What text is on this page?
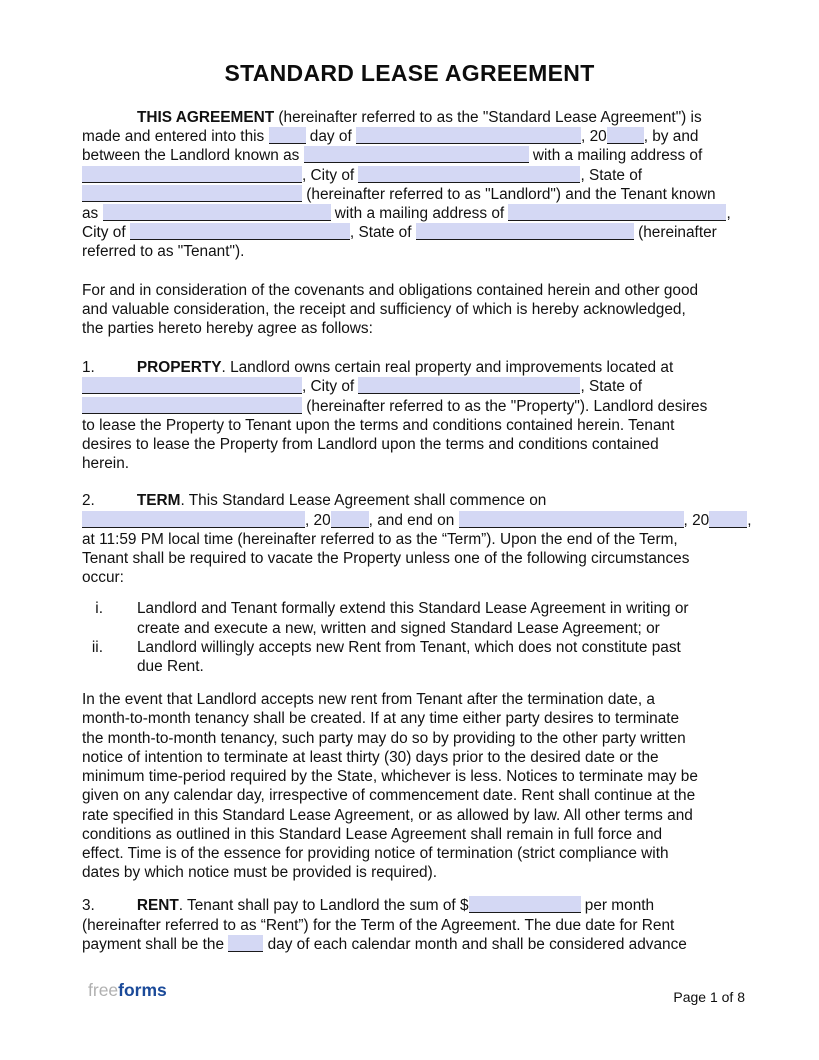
STANDARD LEASE AGREEMENT
THIS AGREEMENT (hereinafter referred to as the "Standard Lease Agreement") is
made and entered into this  day of	, 20 , by and
between the Landlord known as	with a mailing address of
, City of	, State of
(hereinafter referred to as "Landlord") and the Tenant known
as	with a mailing address of	,
City of	, State of	(hereinafter
referred to as "Tenant").
For and in consideration of the covenants and obligations contained herein and other good
and valuable consideration, the receipt and sufficiency of which is hereby acknowledged,
the parties hereto hereby agree as follows:
1.	PROPERTY. Landlord owns certain real property and improvements located at
, City of	, State of
(hereinafter referred to as the "Property"). Landlord desires
to lease the Property to Tenant upon the terms and conditions contained herein. Tenant
desires to lease the Property from Landlord upon the terms and conditions contained
herein.
2.	TERM. This Standard Lease Agreement shall commence on
, 20 , and end on	, 20 ,
at 11:59 PM local time (hereinafter referred to as the “Term”). Upon the end of the Term,
Tenant shall be required to vacate the Property unless one of the following circumstances
occur:
i. Landlord and Tenant formally extend this Standard Lease Agreement in writing or
create and execute a new, written and signed Standard Lease Agreement; or
ii. Landlord willingly accepts new Rent from Tenant, which does not constitute past
due Rent.
In the event that Landlord accepts new rent from Tenant after the termination date, a
month-to-month tenancy shall be created. If at any time either party desires to terminate
the month-to-month tenancy, such party may do so by providing to the other party written
notice of intention to terminate at least thirty (30) days prior to the desired date or the
minimum time-period required by the State, whichever is less. Notices to terminate may be
given on any calendar day, irrespective of commencement date. Rent shall continue at the
rate specified in this Standard Lease Agreement, or as allowed by law. All other terms and
conditions as outlined in this Standard Lease Agreement shall remain in full force and
effect. Time is of the essence for providing notice of termination (strict compliance with
dates by which notice must be provided is required).
3.	RENT. Tenant shall pay to Landlord the sum of $	per month
(hereinafter referred to as “Rent”) for the Term of the Agreement. The due date for Rent
payment shall be the  day of each calendar month and shall be considered advance
freeforms	Page 1 of 8
